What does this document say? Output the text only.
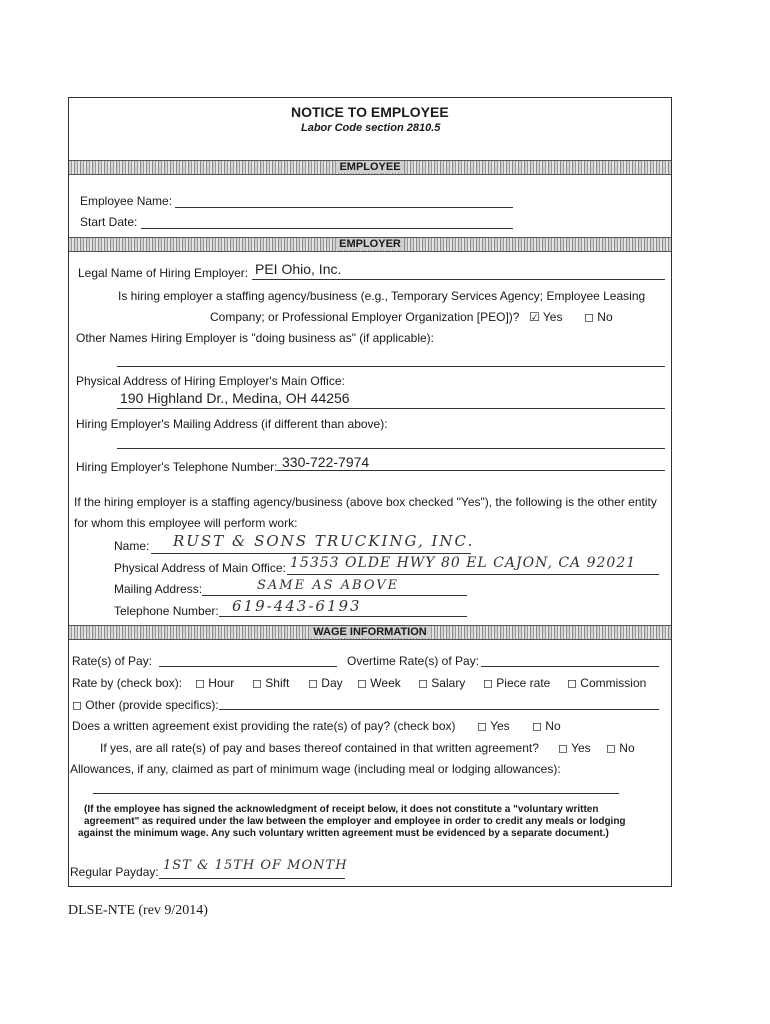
NOTICE TO EMPLOYEE
Labor Code section 2810.5
EMPLOYEE
Employee Name:
Start Date:
EMPLOYER
Legal Name of Hiring Employer: PEI Ohio, Inc.
Is hiring employer a staffing agency/business (e.g., Temporary Services Agency; Employee Leasing
Company; or Professional Employer Organization [PEO])? ☑ Yes ◻ No
Other Names Hiring Employer is "doing business as" (if applicable):
Physical Address of Hiring Employer's Main Office:
190 Highland Dr., Medina, OH 44256
Hiring Employer's Mailing Address (if different than above):
Hiring Employer's Telephone Number: 330-722-7974
If the hiring employer is a staffing agency/business (above box checked "Yes"), the following is the other entity
for whom this employee will perform work:
Name: RUST & SONS TRUCKING, INC.
Physical Address of Main Office: 15353 OLDE HWY 80 EL CAJON, CA 92021
Mailing Address:	SAME AS ABOVE
Telephone Number: 619-443-6193
WAGE INFORMATION
Rate(s) of Pay:	Overtime Rate(s) of Pay:
Rate by (check box): ◻ Hour ◻ Shift ◻ Day ◻ Week ◻ Salary ◻ Piece rate ◻ Commission
◻ Other (provide specifics):
Does a written agreement exist providing the rate(s) of pay? (check box) ◻ Yes ◻ No
If yes, are all rate(s) of pay and bases thereof contained in that written agreement? ◻ Yes ◻ No
Allowances, if any, claimed as part of minimum wage (including meal or lodging allowances):
(If the employee has signed the acknowledgment of receipt below, it does not constitute a "voluntary written
agreement" as required under the law between the employer and employee in order to credit any meals or lodging
against the minimum wage. Any such voluntary written agreement must be evidenced by a separate document.)
Regular Payday: 1ST & 15TH OF MONTH
DLSE-NTE (rev 9/2014)
